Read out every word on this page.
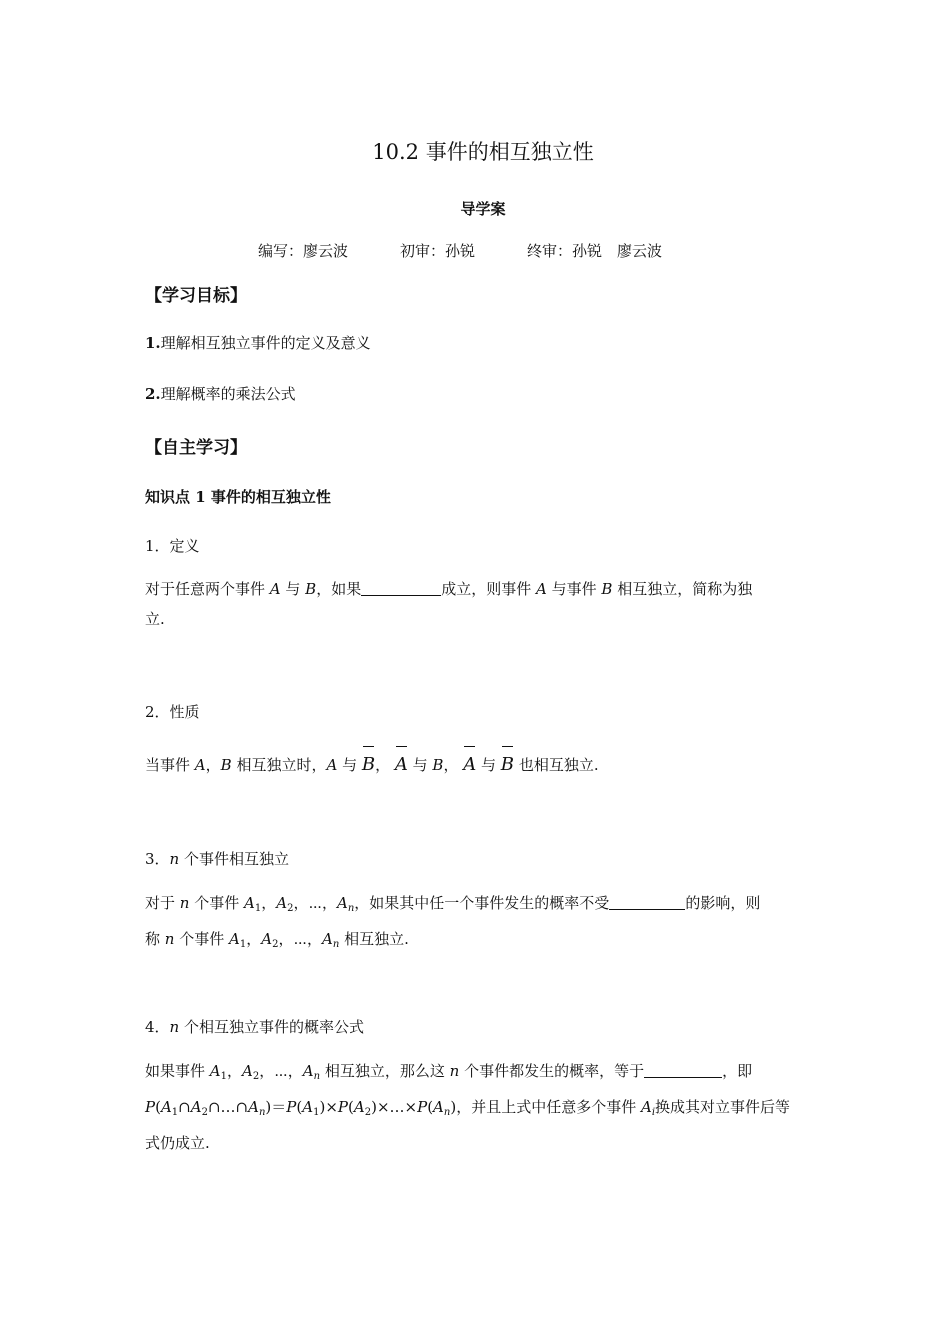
10.2 事件的相互独立性
导学案
编写：廖云波	初审：孙锐	终审：孙锐　廖云波
【学习目标】
1.理解相互独立事件的定义及意义
2.理解概率的乘法公式
【自主学习】
知识点 1 事件的相互独立性
1．定义
对于任意两个事件 A 与 B，如果	成立，则事件 A 与事件 B 相互独立，简称为独
立.
2．性质
当事件 A，B 相互独立时，A 与 B， A 与 B， A 与 B 也相互独立.
3．n 个事件相互独立
对于 n 个事件 $A_1$，$A_2$，⋯，$A_n$，如果其中任一个事件发生的概率不受	的影响，则
称 n 个事件 $A_1$，$A_2$，⋯，$A_n$ 相互独立.
4．n 个相互独立事件的概率公式
如果事件 $A_1$，$A_2$，⋯，$A_n$ 相互独立，那么这 n 个事件都发生的概率，等于	，即
$P(A_1\cap A_2\cap\dots\cap A_n)=P(A_1)\times P(A_2)\times\dots\times P(A_n)$，并且上式中任意多个事件 $A_i$换成其对立事件后等
式仍成立.
